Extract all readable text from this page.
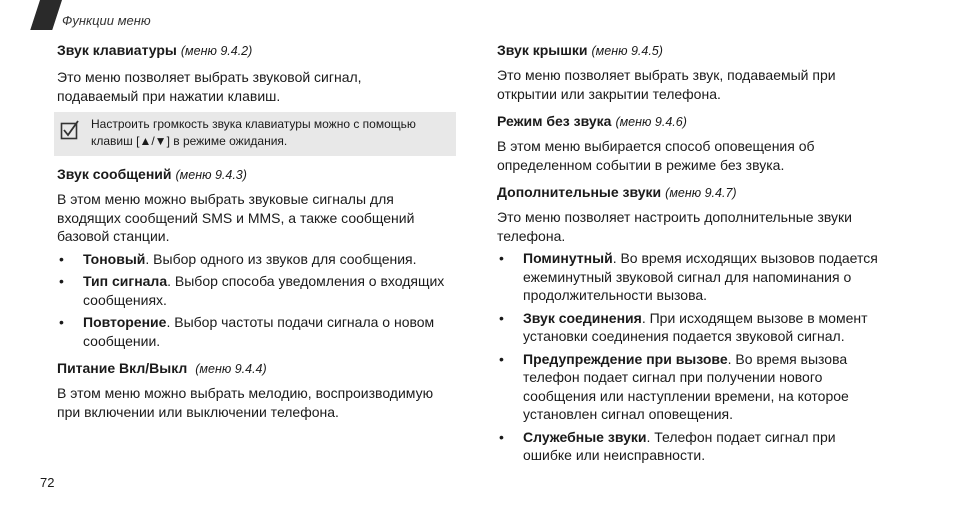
Функции меню
Звук клавиатуры (меню 9.4.2)

Это меню позволяет выбрать звуковой сигнал, подаваемый при нажатии клавиш.

Настроить громкость звука клавиатуры можно с помощью
клавиш [▲/▼] в режиме ожидания.
Звук сообщений (меню 9.4.3)

В этом меню можно выбрать звуковые сигналы для входящих сообщений SMS и MMS, а также сообщений базовой станции.

• Тоновый. Выбор одного из звуков для сообщения.
• Тип сигнала. Выбор способа уведомления о входящих сообщениях.
• Повторение. Выбор частоты подачи сигнала о новом сообщении.
Питание Вкл/Выкл (меню 9.4.4)

В этом меню можно выбрать мелодию, воспроизводимую при включении или выключении телефона.

Звук крышки (меню 9.4.5)

Это меню позволяет выбрать звук, подаваемый при открытии или закрытии телефона.

Режим без звука (меню 9.4.6)

В этом меню выбирается способ оповещения об определенном событии в режиме без звука.

Дополнительные звуки (меню 9.4.7)

Это меню позволяет настроить дополнительные звуки телефона.

• Поминутный. Во время исходящих вызовов подается ежеминутный звуковой сигнал для напоминания о продолжительности вызова.
• Звук соединения. При исходящем вызове в момент установки соединения подается звуковой сигнал.
• Предупреждение при вызове. Во время вызова телефон подает сигнал при получении нового сообщения или наступлении времени, на которое установлен сигнал оповещения.
• Служебные звуки. Телефон подает сигнал при ошибке или неисправности.
72
